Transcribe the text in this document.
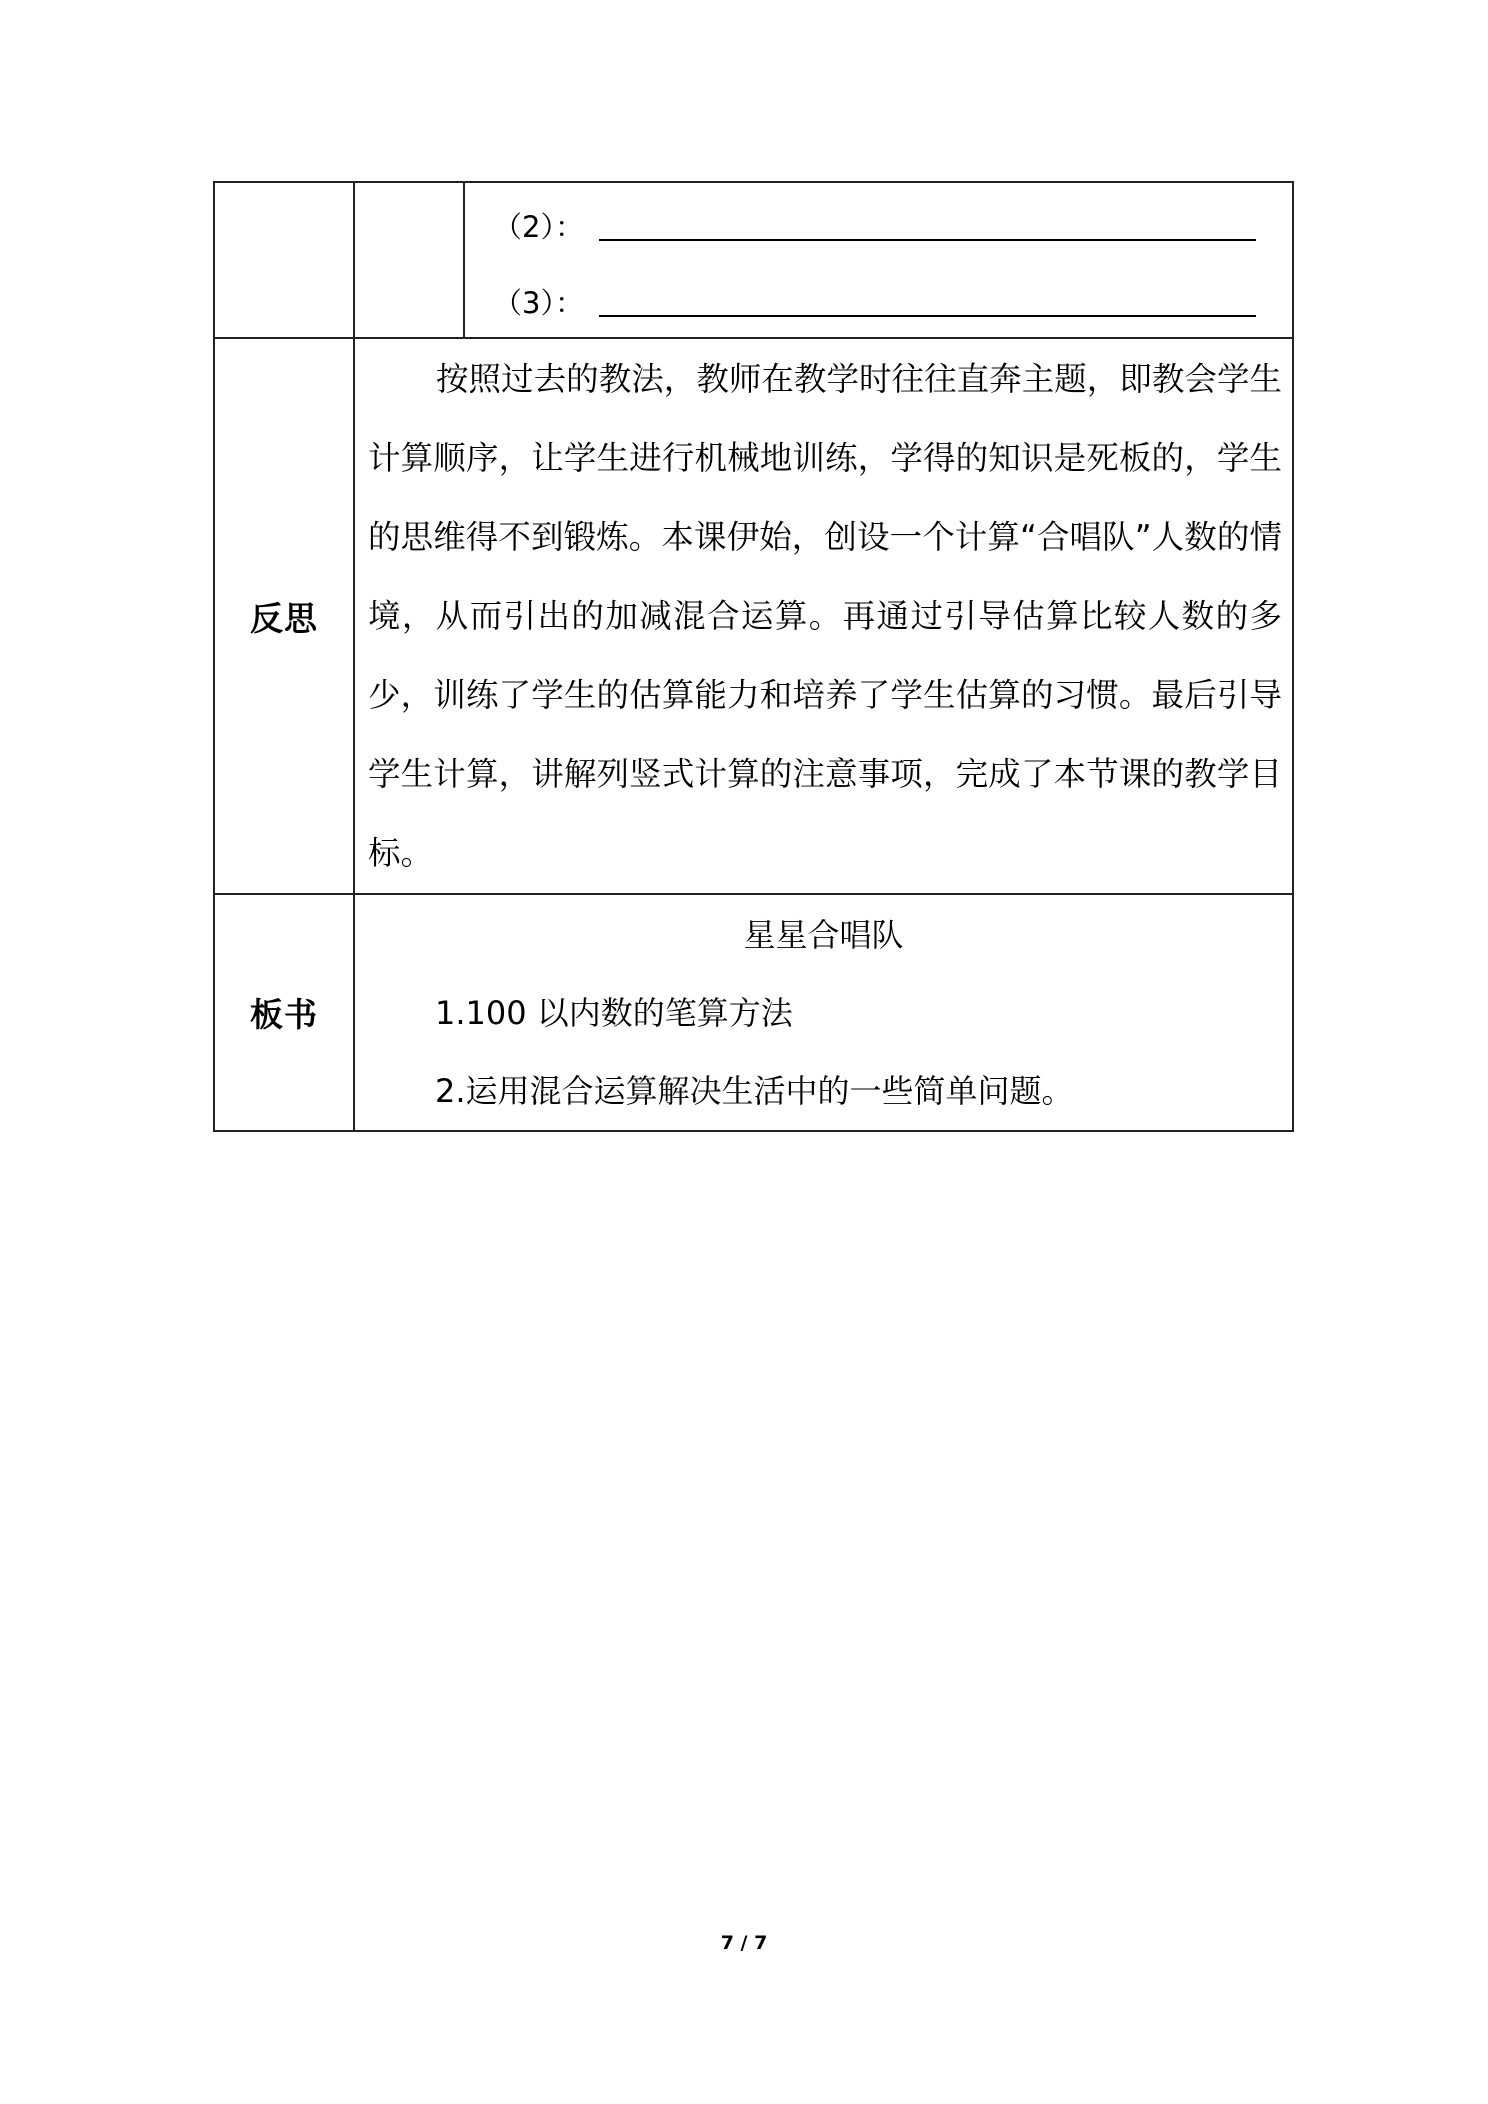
		（2）：
（3）：

反思	按照过去的教法，教师在教学时往往直奔主题，即教会学生计算顺序，让学生进行机械地训练，学得的知识是死板的，学生的思维得不到锻炼。本课伊始，创设一个计算“合唱队”人数的情境，从而引出的加减混合运算。再通过引导估算比较人数的多少，训练了学生的估算能力和培养了学生估算的习惯。最后引导学生计算，讲解列竖式计算的注意事项，完成了本节课的教学目标。	

板书	星星合唱队

1.100 以内数的笔算方法

2.运用混合运算解决生活中的一些简单问题。	

7 / 7
